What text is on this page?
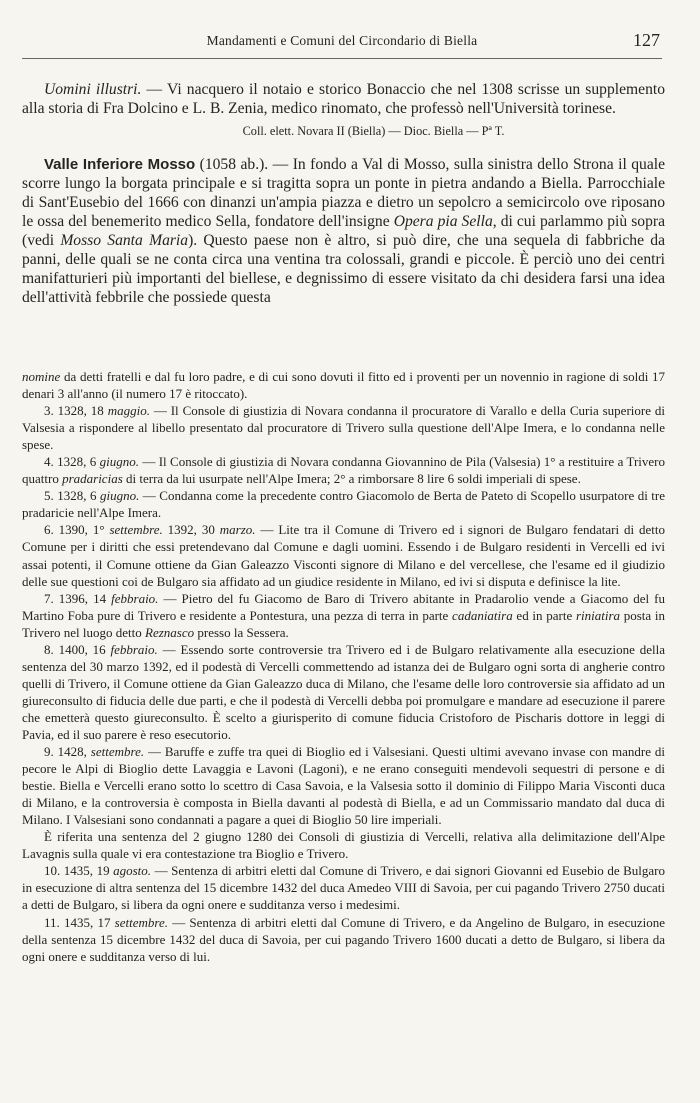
Mandamenti e Comuni del Circondario di Biella	127

Uomini illustri. — Vi nacquero il notaio e storico Bonaccio che nel 1308 scrisse un supplemento alla storia di Fra Dolcino e L. B. Zenia, medico rinomato, che professò nell'Università torinese.

Coll. elett. Novara II (Biella) — Dioc. Biella — Pª T.

Valle Inferiore Mosso (1058 ab.). — In fondo a Val di Mosso, sulla sinistra dello Strona il quale scorre lungo la borgata principale e si tragitta sopra un ponte in pietra andando a Biella. Parrocchiale di Sant'Eusebio del 1666 con dinanzi un'ampia piazza e dietro un sepolcro a semicircolo ove riposano le ossa del benemerito medico Sella, fondatore dell'insigne Opera pia Sella, di cui parlammo più sopra (vedi Mosso Santa Maria). Questo paese non è altro, si può dire, che una sequela di fabbriche da panni, delle quali se ne conta circa una ventina tra colossali, grandi e piccole. È perciò uno dei centri manifatturieri più importanti del biellese, e degnissimo di essere visitato da chi desidera farsi una idea dell'attività febbrile che possiede questa

nomine da detti fratelli e dal fu loro padre, e di cui sono dovuti il fitto ed i proventi per un novennio in ragione di soldi 17 denari 3 all'anno (il numero 17 è ritoccato).

3. 1328, 18 maggio. — Il Console di giustizia di Novara condanna il procuratore di Varallo e della Curia superiore di Valsesia a rispondere al libello presentato dal procuratore di Trivero sulla questione dell'Alpe Imera, e lo condanna nelle spese.

4. 1328, 6 giugno. — Il Console di giustizia di Novara condanna Giovannino de Pila (Valsesia) 1° a restituire a Trivero quattro pradaricias di terra da lui usurpate nell'Alpe Imera; 2° a rimborsare 8 lire 6 soldi imperiali di spese.

5. 1328, 6 giugno. — Condanna come la precedente contro Giacomolo de Berta de Pateto di Scopello usurpatore di tre pradaricie nell'Alpe Imera.

6. 1390, 1° settembre. 1392, 30 marzo. — Lite tra il Comune di Trivero ed i signori de Bulgaro fendatari di detto Comune per i diritti che essi pretendevano dal Comune e dagli uomini. Essendo i de Bulgaro residenti in Vercelli ed ivi assai potenti, il Comune ottiene da Gian Galeazzo Visconti signore di Milano e del vercellese, che l'esame ed il giudizio delle sue questioni coi de Bulgaro sia affidato ad un giudice residente in Milano, ed ivi si disputa e definisce la lite.

7. 1396, 14 febbraio. — Pietro del fu Giacomo de Baro di Trivero abitante in Pradarolio vende a Giacomo del fu Martino Foba pure di Trivero e residente a Pontestura, una pezza di terra in parte cadaniatira ed in parte riniatira posta in Trivero nel luogo detto Reznasco presso la Sessera.

8. 1400, 16 febbraio. — Essendo sorte controversie tra Trivero ed i de Bulgaro relativamente alla esecuzione della sentenza del 30 marzo 1392, ed il podestà di Vercelli commettendo ad istanza dei de Bulgaro ogni sorta di angherie contro quelli di Trivero, il Comune ottiene da Gian Galeazzo duca di Milano, che l'esame delle loro controversie sia affidato ad un giureconsulto di fiducia delle due parti, e che il podestà di Vercelli debba poi promulgare e mandare ad esecuzione il parere che emetterà questo giureconsulto. È scelto a giurisperito di comune fiducia Cristoforo de Pischaris dottore in leggi di Pavia, ed il suo parere è reso esecutorio.

9. 1428, settembre. — Baruffe e zuffe tra quei di Bioglio ed i Valsesiani. Questi ultimi avevano invase con mandre di pecore le Alpi di Bioglio dette Lavaggia e Lavoni (Lagoni), e ne erano conseguiti mendevoli sequestri di persone e di bestie. Biella e Vercelli erano sotto lo scettro di Casa Savoia, e la Valsesia sotto il dominio di Filippo Maria Visconti duca di Milano, e la controversia è composta in Biella davanti al podestà di Biella, e ad un Commissario mandato dal duca di Milano. I Valsesiani sono condannati a pagare a quei di Bioglio 50 lire imperiali.

È riferita una sentenza del 2 giugno 1280 dei Consoli di giustizia di Vercelli, relativa alla delimitazione dell'Alpe Lavagnis sulla quale vi era contestazione tra Bioglio e Trivero.

10. 1435, 19 agosto. — Sentenza di arbitri eletti dal Comune di Trivero, e dai signori Giovanni ed Eusebio de Bulgaro in esecuzione di altra sentenza del 15 dicembre 1432 del duca Amedeo VIII di Savoia, per cui pagando Trivero 2750 ducati a detti de Bulgaro, si libera da ogni onere e sudditanza verso i medesimi.

11. 1435, 17 settembre. — Sentenza di arbitri eletti dal Comune di Trivero, e da Angelino de Bulgaro, in esecuzione della sentenza 15 dicembre 1432 del duca di Savoia, per cui pagando Trivero 1600 ducati a detto de Bulgaro, si libera da ogni onere e sudditanza verso di lui.
